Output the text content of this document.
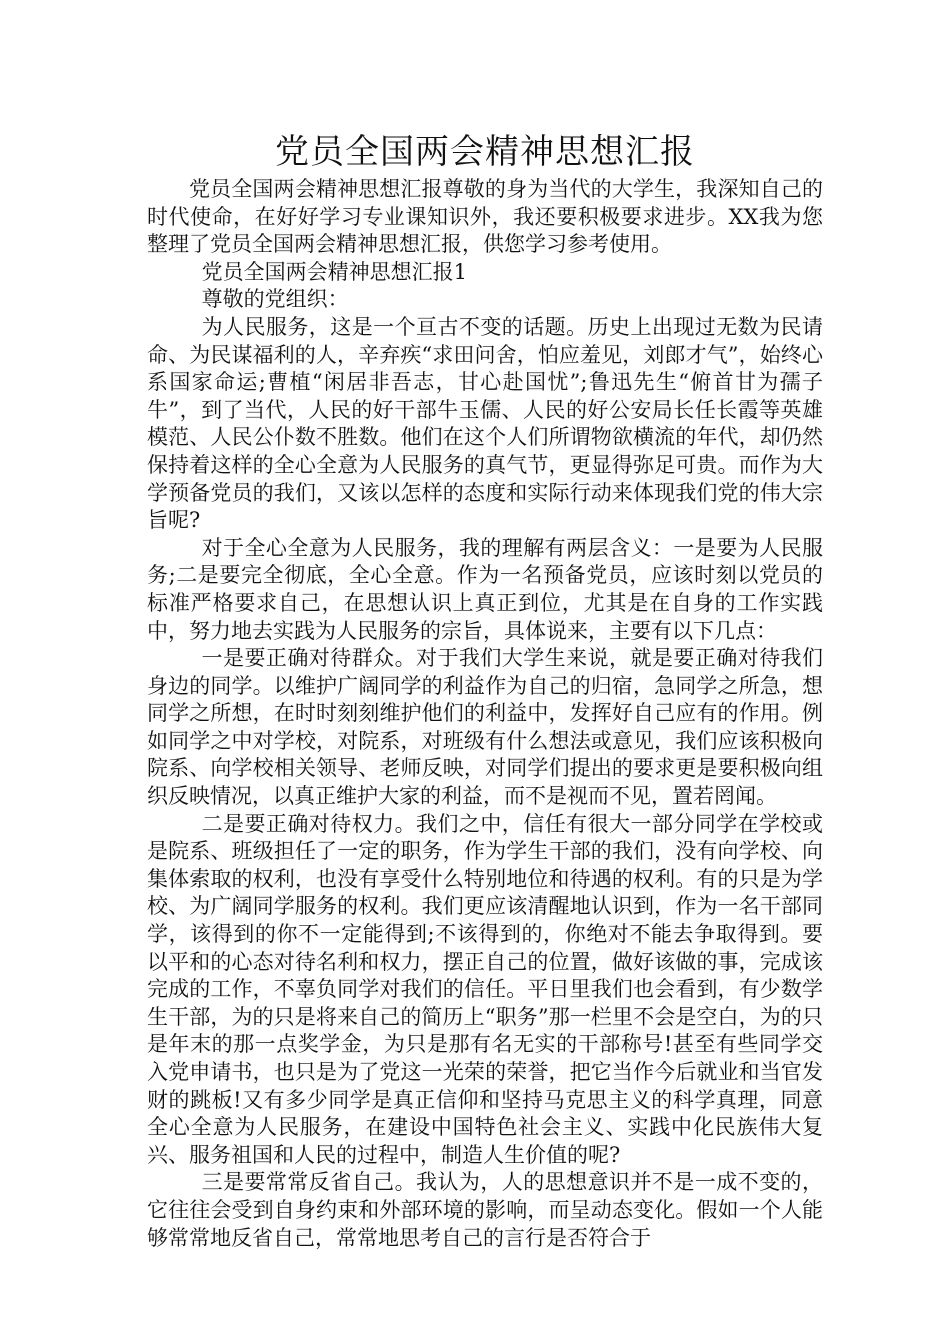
党员全国两会精神思想汇报

党员全国两会精神思想汇报尊敬的身为当代的大学生，我深知自己的时代使命，在好好学习专业课知识外，我还要积极要求进步。XX我为您整理了党员全国两会精神思想汇报，供您学习参考使用。

党员全国两会精神思想汇报1

尊敬的党组织：

为人民服务，这是一个亘古不变的话题。历史上出现过无数为民请命、为民谋福利的人，辛弃疾“求田问舍，怕应羞见，刘郎才气”，始终心系国家命运;曹植“闲居非吾志，甘心赴国忧”;鲁迅先生“俯首甘为孺子牛”，到了当代，人民的好干部牛玉儒、人民的好公安局长任长霞等英雄模范、人民公仆数不胜数。他们在这个人们所谓物欲横流的年代，却仍然保持着这样的全心全意为人民服务的真气节，更显得弥足可贵。而作为大学预备党员的我们，又该以怎样的态度和实际行动来体现我们党的伟大宗旨呢?

对于全心全意为人民服务，我的理解有两层含义：一是要为人民服务;二是要完全彻底，全心全意。作为一名预备党员，应该时刻以党员的标准严格要求自己，在思想认识上真正到位，尤其是在自身的工作实践中，努力地去实践为人民服务的宗旨，具体说来，主要有以下几点：

一是要正确对待群众。对于我们大学生来说，就是要正确对待我们身边的同学。以维护广阔同学的利益作为自己的归宿，急同学之所急，想同学之所想，在时时刻刻维护他们的利益中，发挥好自己应有的作用。例如同学之中对学校，对院系，对班级有什么想法或意见，我们应该积极向院系、向学校相关领导、老师反映，对同学们提出的要求更是要积极向组织反映情况，以真正维护大家的利益，而不是视而不见，置若罔闻。

二是要正确对待权力。我们之中，信任有很大一部分同学在学校或是院系、班级担任了一定的职务，作为学生干部的我们，没有向学校、向集体索取的权利，也没有享受什么特别地位和待遇的权利。有的只是为学校、为广阔同学服务的权利。我们更应该清醒地认识到，作为一名干部同学，该得到的你不一定能得到;不该得到的，你绝对不能去争取得到。要以平和的心态对待名利和权力，摆正自己的位置，做好该做的事，完成该完成的工作，不辜负同学对我们的信任。平日里我们也会看到，有少数学生干部，为的只是将来自己的简历上“职务”那一栏里不会是空白，为的只是年末的那一点奖学金，为只是那有名无实的干部称号!甚至有些同学交入党申请书，也只是为了党这一光荣的荣誉，把它当作今后就业和当官发财的跳板!又有多少同学是真正信仰和坚持马克思主义的科学真理，同意全心全意为人民服务，在建设中国特色社会主义、实践中化民族伟大复兴、服务祖国和人民的过程中，制造人生价值的呢?

三是要常常反省自己。我认为，人的思想意识并不是一成不变的，它往往会受到自身约束和外部环境的影响，而呈动态变化。假如一个人能够常常地反省自己，常常地思考自己的言行是否符合于
